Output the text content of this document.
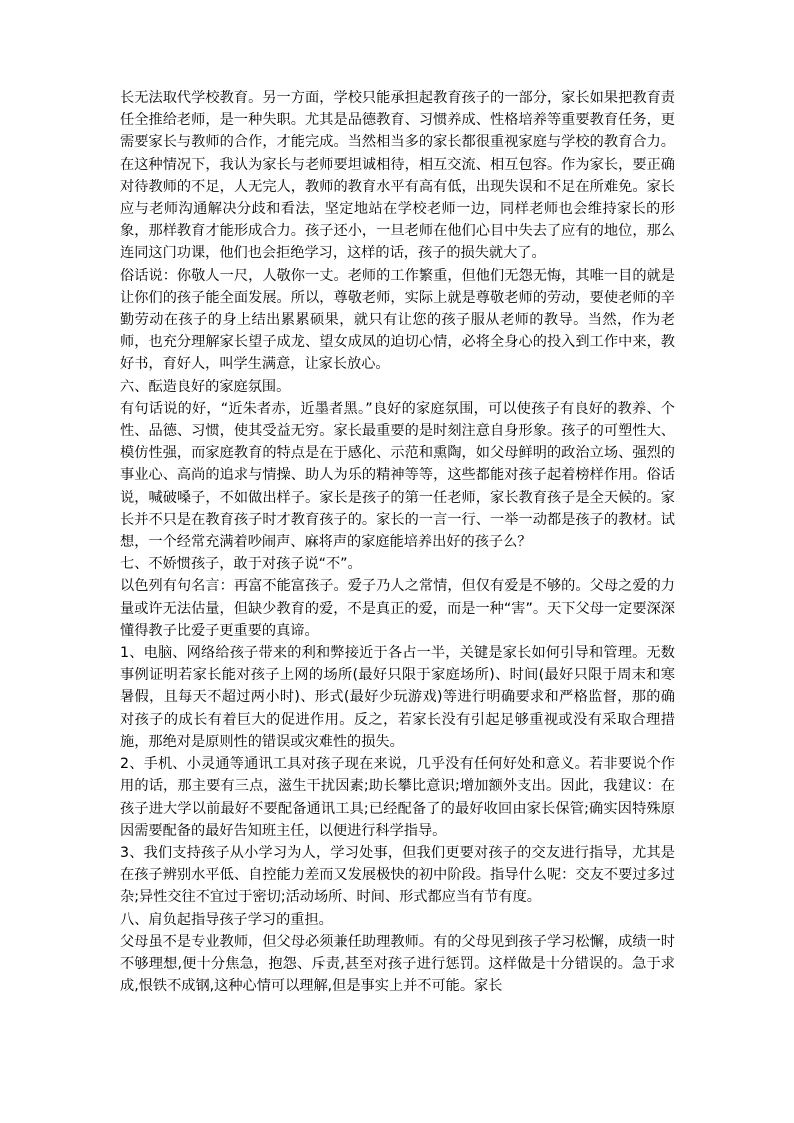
长无法取代学校教育。另一方面，学校只能承担起教育孩子的一部分，家长如果把教育责任全推给老师，是一种失职。尤其是品德教育、习惯养成、性格培养等重要教育任务，更需要家长与教师的合作，才能完成。当然相当多的家长都很重视家庭与学校的教育合力。在这种情况下，我认为家长与老师要坦诚相待，相互交流、相互包容。作为家长，要正确对待教师的不足，人无完人，教师的教育水平有高有低，出现失误和不足在所难免。家长应与老师沟通解决分歧和看法，坚定地站在学校老师一边，同样老师也会维持家长的形象，那样教育才能形成合力。孩子还小，一旦老师在他们心目中失去了应有的地位，那么连同这门功课，他们也会拒绝学习，这样的话，孩子的损失就大了。

俗话说：你敬人一尺，人敬你一丈。老师的工作繁重，但他们无怨无悔，其唯一目的就是让你们的孩子能全面发展。所以，尊敬老师，实际上就是尊敬老师的劳动，要使老师的辛勤劳动在孩子的身上结出累累硕果，就只有让您的孩子服从老师的教导。当然，作为老师，也充分理解家长望子成龙、望女成凤的迫切心情，必将全身心的投入到工作中来，教好书，育好人，叫学生满意，让家长放心。

六、酝造良好的家庭氛围。

有句话说的好，“近朱者赤，近墨者黑。”良好的家庭氛围，可以使孩子有良好的教养、个性、品德、习惯，使其受益无穷。家长最重要的是时刻注意自身形象。孩子的可塑性大、模仿性强，而家庭教育的特点是在于感化、示范和熏陶，如父母鲜明的政治立场、强烈的事业心、高尚的追求与情操、助人为乐的精神等等，这些都能对孩子起着榜样作用。俗话说，喊破嗓子，不如做出样子。家长是孩子的第一任老师，家长教育孩子是全天候的。家长并不只是在教育孩子时才教育孩子的。家长的一言一行、一举一动都是孩子的教材。试想，一个经常充满着吵闹声、麻将声的家庭能培养出好的孩子么？

七、不娇惯孩子，敢于对孩子说“不”。

以色列有句名言：再富不能富孩子。爱子乃人之常情，但仅有爱是不够的。父母之爱的力量或许无法估量，但缺少教育的爱，不是真正的爱，而是一种“害”。天下父母一定要深深懂得教子比爱子更重要的真谛。

1、电脑、网络给孩子带来的利和弊接近于各占一半，关键是家长如何引导和管理。无数事例证明若家长能对孩子上网的场所(最好只限于家庭场所)、时间(最好只限于周末和寒暑假，且每天不超过两小时)、形式(最好少玩游戏)等进行明确要求和严格监督，那的确对孩子的成长有着巨大的促进作用。反之，若家长没有引起足够重视或没有采取合理措施，那绝对是原则性的错误或灾难性的损失。

2、手机、小灵通等通讯工具对孩子现在来说，几乎没有任何好处和意义。若非要说个作用的话，那主要有三点，滋生干扰因素;助长攀比意识;增加额外支出。因此，我建议：在孩子进大学以前最好不要配备通讯工具;已经配备了的最好收回由家长保管;确实因特殊原因需要配备的最好告知班主任，以便进行科学指导。

3、我们支持孩子从小学习为人，学习处事，但我们更要对孩子的交友进行指导，尤其是在孩子辨别水平低、自控能力差而又发展极快的初中阶段。指导什么呢：交友不要过多过杂;异性交往不宜过于密切;活动场所、时间、形式都应当有节有度。

八、肩负起指导孩子学习的重担。

父母虽不是专业教师，但父母必须兼任助理教师。有的父母见到孩子学习松懈，成绩一时不够理想,便十分焦急，抱怨、斥责,甚至对孩子进行惩罚。这样做是十分错误的。急于求成,恨铁不成钢,这种心情可以理解,但是事实上并不可能。家长
